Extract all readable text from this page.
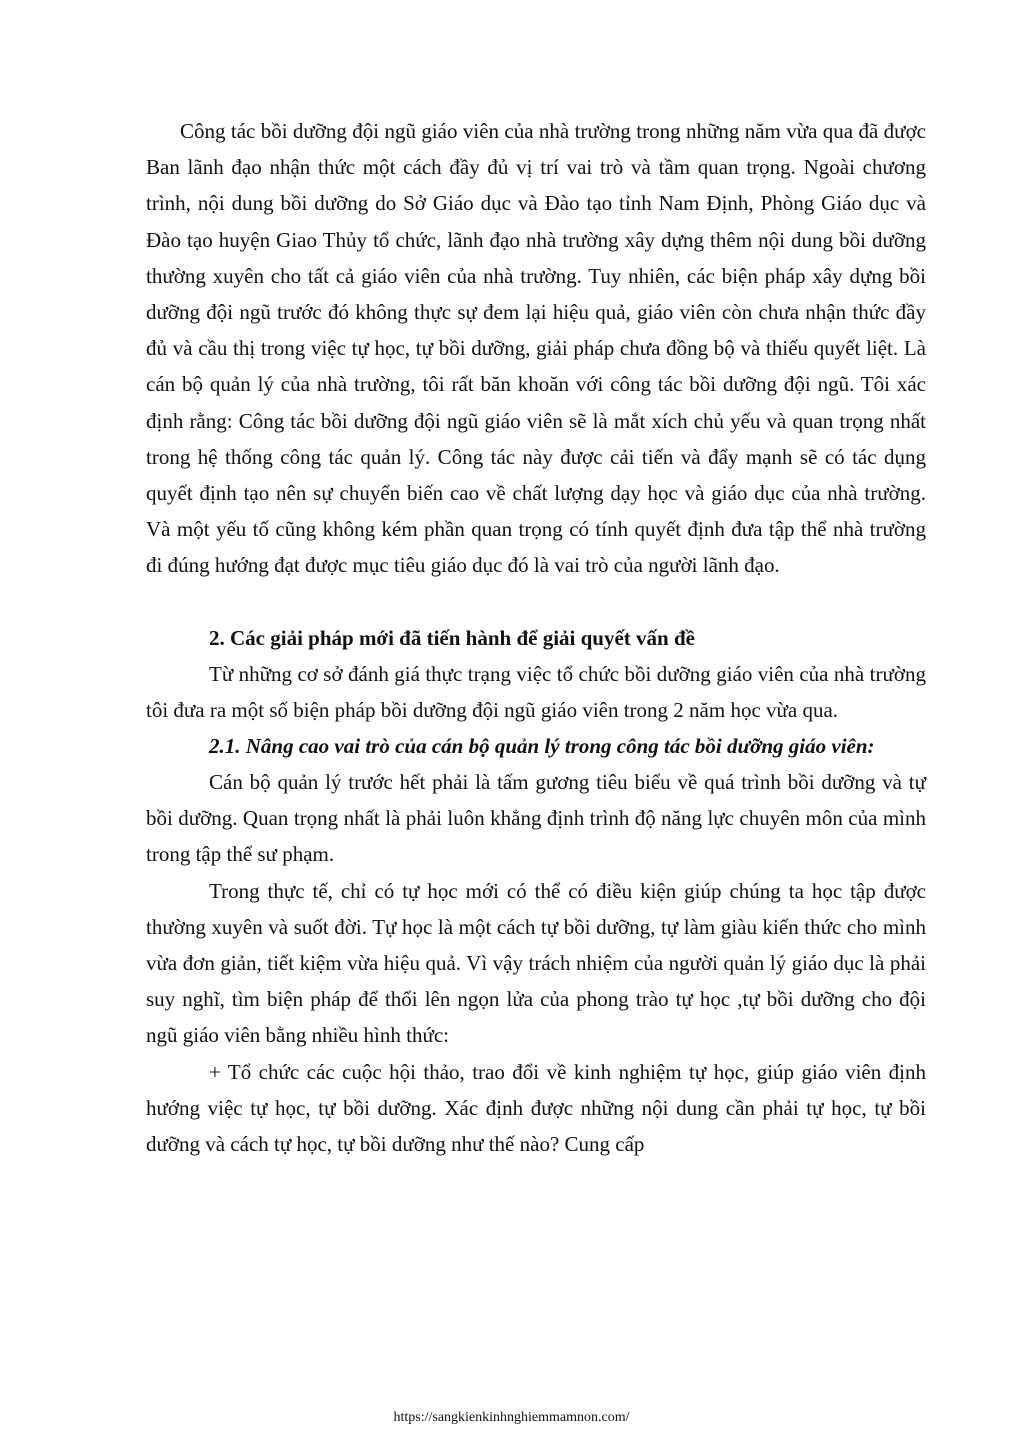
Công tác bồi dưỡng đội ngũ giáo viên của nhà trường trong những năm vừa qua đã được Ban lãnh đạo nhận thức một cách đầy đủ vị trí vai trò và tầm quan trọng. Ngoài chương trình, nội dung bồi dưỡng do Sở Giáo dục và Đào tạo tỉnh Nam Định, Phòng Giáo dục và Đào tạo huyện Giao Thủy tổ chức, lãnh đạo nhà trường xây dựng thêm nội dung bồi dưỡng thường xuyên cho tất cả giáo viên của nhà trường. Tuy nhiên, các biện pháp xây dựng bồi dưỡng đội ngũ trước đó không thực sự đem lại hiệu quả, giáo viên còn chưa nhận thức đầy đủ và cầu thị trong việc tự học, tự bồi dưỡng, giải pháp chưa đồng bộ và thiếu quyết liệt. Là cán bộ quản lý của nhà trường, tôi rất băn khoăn với công tác bồi dưỡng đội ngũ. Tôi xác định rằng: Công tác bồi dưỡng đội ngũ giáo viên sẽ là mắt xích chủ yếu và quan trọng nhất trong hệ thống công tác quản lý. Công tác này được cải tiến và đẩy mạnh sẽ có tác dụng quyết định tạo nên sự chuyển biến cao về chất lượng dạy học và giáo dục của nhà trường. Và một yếu tố cũng không kém phần quan trọng có tính quyết định đưa tập thể nhà trường đi đúng hướng đạt được mục tiêu giáo dục đó là vai trò của người lãnh đạo.

2. Các giải pháp mới đã tiến hành để giải quyết vấn đề

Từ những cơ sở đánh giá thực trạng việc tổ chức bồi dưỡng giáo viên của nhà trường tôi đưa ra một số biện pháp bồi dưỡng đội ngũ giáo viên trong 2 năm học vừa qua.

2.1. Nâng cao vai trò của cán bộ quản lý trong công tác bồi dưỡng giáo viên:

Cán bộ quản lý trước hết phải là tấm gương tiêu biểu về quá trình bồi dưỡng và tự bồi dưỡng. Quan trọng nhất là phải luôn khẳng định trình độ năng lực chuyên môn của mình trong tập thể sư phạm.

Trong thực tế, chỉ có tự học mới có thể có điều kiện giúp chúng ta học tập được thường xuyên và suốt đời. Tự học là một cách tự bồi dưỡng, tự làm giàu kiến thức cho mình vừa đơn giản, tiết kiệm vừa hiệu quả. Vì vậy trách nhiệm của người quản lý giáo dục là phải suy nghĩ, tìm biện pháp để thổi lên ngọn lửa của phong trào tự học ,tự bồi dưỡng cho đội ngũ giáo viên bằng nhiều hình thức:

+ Tổ chức các cuộc hội thảo, trao đổi về kinh nghiệm tự học, giúp giáo viên định hướng việc tự học, tự bồi dưỡng. Xác định được những nội dung cần phải tự học, tự bồi dưỡng và cách tự học, tự bồi dưỡng như thế nào? Cung cấp

https://sangkienkinhnghiemmamnon.com/
